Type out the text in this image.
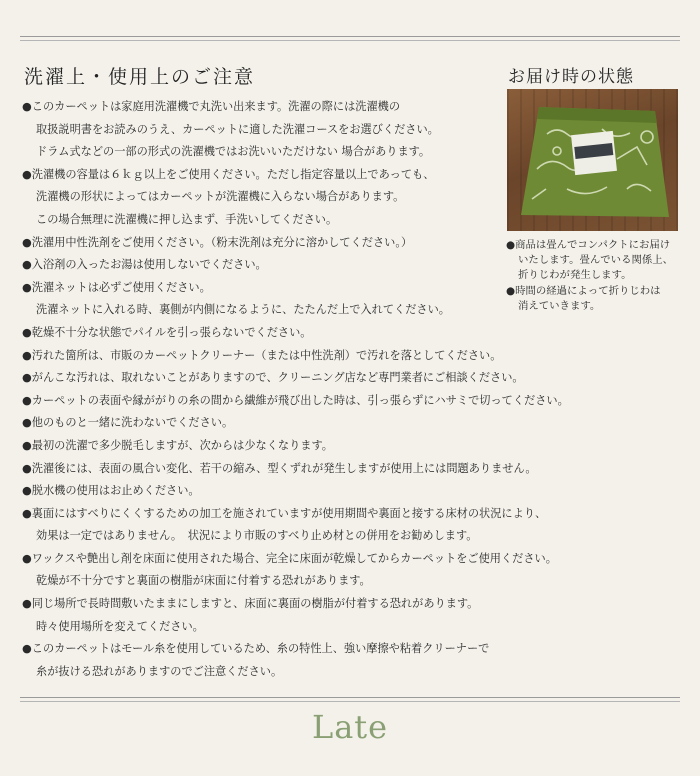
洗濯上・使用上のご注意	お届け時の状態
●このカーペットは家庭用洗濯機で丸洗い出来ます。洗濯の際には洗濯機の
取扱説明書をお読みのうえ、カーペットに適した洗濯コースをお選びください。
ドラム式などの一部の形式の洗濯機ではお洗いいただけない 場合があります。
●洗濯機の容量は６ｋｇ以上をご使用ください。ただし指定容量以上であっても、
洗濯機の形状によってはカーペットが洗濯機に入らない場合があります。
この場合無理に洗濯機に押し込まず、手洗いしてください。
●洗濯用中性洗剤をご使用ください。（粉末洗剤は充分に溶かしてください。）
●入浴剤の入ったお湯は使用しないでください。
●洗濯ネットは必ずご使用ください。
洗濯ネットに入れる時、裏側が内側になるように、たたんだ上で入れてください。
●乾燥不十分な状態でパイルを引っ張らないでください。
●汚れた箇所は、市販のカーペットクリーナー（または中性洗剤）で汚れを落としてください。
●がんこな汚れは、取れないことがありますので、クリーニング店など専門業者にご相談ください。
●カーペットの表面や縁ががりの糸の間から繊維が飛び出した時は、引っ張らずにハサミで切ってください。
●他のものと一緒に洗わないでください。
●最初の洗濯で多少脱毛しますが、次からは少なくなります。
●洗濯後には、表面の風合い変化、若干の縮み、型くずれが発生しますが使用上には問題ありません。
●脱水機の使用はお止めください。
●裏面にはすべりにくくするための加工を施されていますが使用期間や裏面と接する床材の状況により、
効果は一定ではありません。　状況により市販のすべり止め材との併用をお勧めします。
●ワックスや艶出し剤を床面に使用された場合、完全に床面が乾燥してからカーペットをご使用ください。
乾燥が不十分ですと裏面の樹脂が床面に付着する恐れがあります。
●同じ場所で長時間敷いたままにしますと、床面に裏面の樹脂が付着する恐れがあります。
時々使用場所を変えてください。
●このカーペットはモール糸を使用しているため、糸の特性上、強い摩擦や粘着クリーナーで
糸が抜ける恐れがありますのでご注意ください。
●商品は畳んでコンパクトにお届け
いたします。畳んでいる関係上、
折りじわが発生します。
●時間の経過によって折りじわは
消えていきます。
Late
